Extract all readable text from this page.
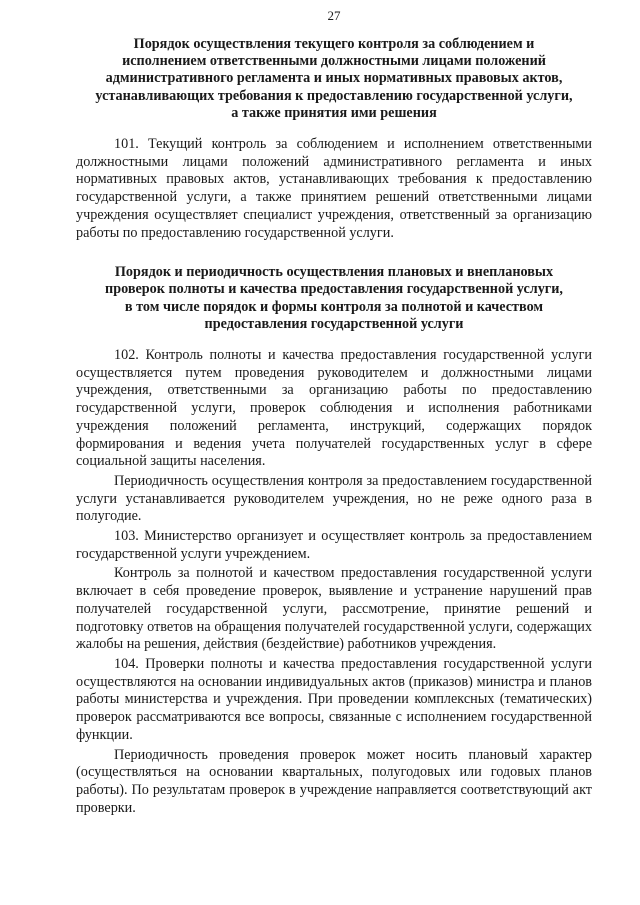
27
Порядок осуществления текущего контроля за соблюдением и
исполнением ответственными должностными лицами положений
административного регламента и иных нормативных правовых актов,
устанавливающих требования к предоставлению государственной услуги,
а также принятия ими решения

101. Текущий контроль за соблюдением и исполнением ответственными должностными лицами положений административного регламента и иных нормативных правовых актов, устанавливающих требования к предоставлению государственной услуги, а также принятием решений ответственными лицами учреждения осуществляет специалист учреждения, ответственный за организацию работы по предоставлению государственной услуги.

Порядок и периодичность осуществления плановых и внеплановых
проверок полноты и качества предоставления государственной услуги,
в том числе порядок и формы контроля за полнотой и качеством
предоставления государственной услуги

102. Контроль полноты и качества предоставления государственной услуги осуществляется путем проведения руководителем и должностными лицами учреждения, ответственными за организацию работы по предоставлению государственной услуги, проверок соблюдения и исполнения работниками учреждения положений регламента, инструкций, содержащих порядок формирования и ведения учета получателей государственных услуг в сфере социальной защиты населения.

Периодичность осуществления контроля за предоставлением государственной услуги устанавливается руководителем учреждения, но не реже одного раза в полугодие.

103. Министерство организует и осуществляет контроль за предоставлением государственной услуги учреждением.

Контроль за полнотой и качеством предоставления государственной услуги включает в себя проведение проверок, выявление и устранение нарушений прав получателей государственной услуги, рассмотрение, принятие решений и подготовку ответов на обращения получателей государственной услуги, содержащих жалобы на решения, действия (бездействие) работников учреждения.

104. Проверки полноты и качества предоставления государственной услуги осуществляются на основании индивидуальных актов (приказов) министра и планов работы министерства и учреждения. При проведении комплексных (тематических) проверок рассматриваются все вопросы, связанные с исполнением государственной функции.

Периодичность проведения проверок может носить плановый характер (осуществляться на основании квартальных, полугодовых или годовых планов работы). По результатам проверок в учреждение направляется соответствующий акт проверки.
